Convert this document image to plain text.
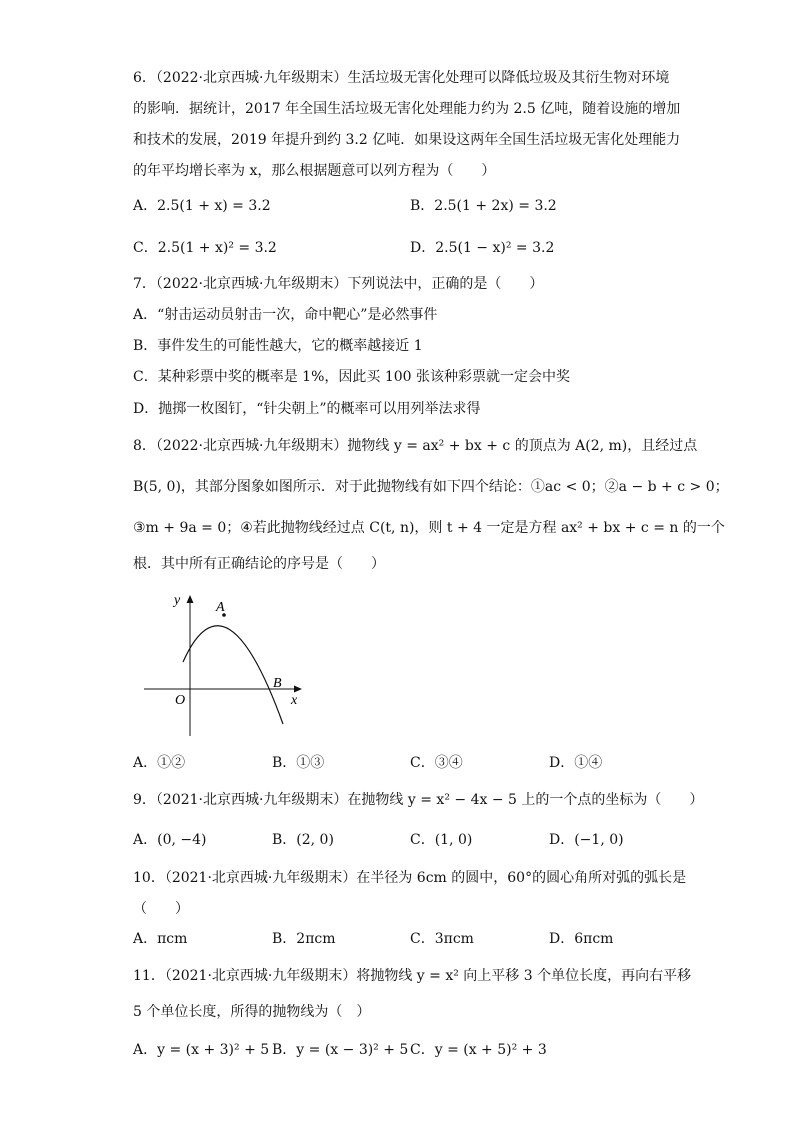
6．（2022·北京西城·九年级期末）生活垃圾无害化处理可以降低垃圾及其衍生物对环境
的影响．据统计，2017 年全国生活垃圾无害化处理能力约为 2.5 亿吨，随着设施的增加
和技术的发展，2019 年提升到约 3.2 亿吨．如果设这两年全国生活垃圾无害化处理能力
的年平均增长率为 x，那么根据题意可以列方程为（　　）
A．2.5(1 + x) = 3.2	B．2.5(1 + 2x) = 3.2
C．2.5(1 + x)² = 3.2	D．2.5(1 − x)² = 3.2
7．（2022·北京西城·九年级期末）下列说法中，正确的是（　　）
A．“射击运动员射击一次，命中靶心”是必然事件
B．事件发生的可能性越大，它的概率越接近 1
C．某种彩票中奖的概率是 1%，因此买 100 张该种彩票就一定会中奖
D．抛掷一枚图钉，“针尖朝上”的概率可以用列举法求得
8．（2022·北京西城·九年级期末）抛物线 y = ax² + bx + c 的顶点为 A(2, m)，且经过点
B(5, 0)，其部分图象如图所示．对于此抛物线有如下四个结论：①ac < 0；②a − b + c > 0；
③m + 9a = 0；④若此抛物线经过点 C(t, n)，则 t + 4 一定是方程 ax² + bx + c = n 的一个
根．其中所有正确结论的序号是（　　）
y
x
O
A
B
A．①②	B．①③	C．③④	D．①④
9．（2021·北京西城·九年级期末）在抛物线 y = x² − 4x − 5 上的一个点的坐标为（　　）
A．(0, −4)	B．(2, 0)	C．(1, 0)	D．(−1, 0)
10．（2021·北京西城·九年级期末）在半径为 6cm 的圆中，60°的圆心角所对弧的弧长是
（　　）
A．πcm	B．2πcm	C．3πcm	D．6πcm
11．（2021·北京西城·九年级期末）将抛物线 y = x² 向上平移 3 个单位长度，再向右平移
5 个单位长度，所得的抛物线为（　）
A．y = (x + 3)² + 5 B．y = (x − 3)² + 5 C．y = (x + 5)² + 3
